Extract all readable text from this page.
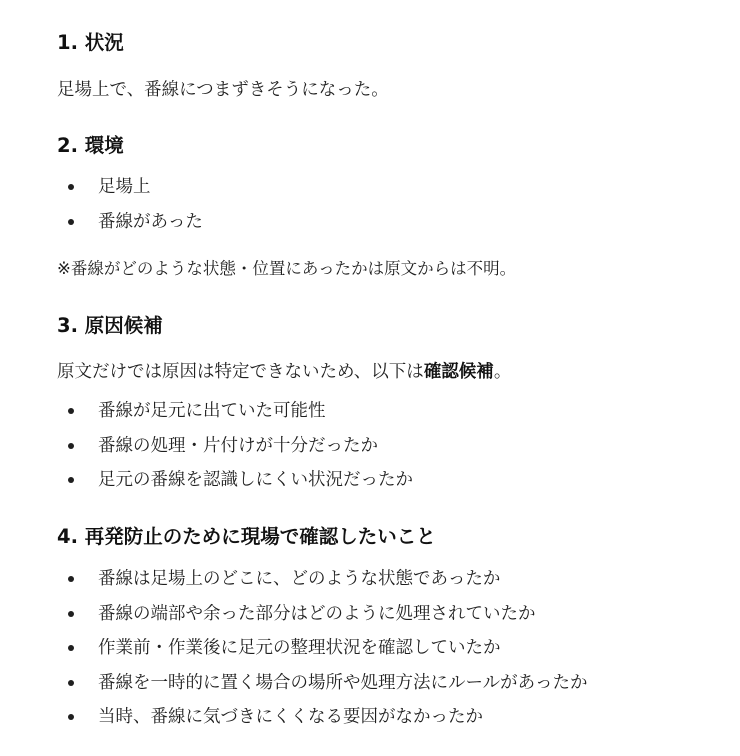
1. 状況

足場上で、番線につまずきそうになった。

2. 環境
足場上
番線があった

※番線がどのような状態・位置にあったかは原文からは不明。

3. 原因候補

原文だけでは原因は特定できないため、以下は確認候補。

番線が足元に出ていた可能性
番線の処理・片付けが十分だったか
足元の番線を認識しにくい状況だったか
4. 再発防止のために現場で確認したいこと
番線は足場上のどこに、どのような状態であったか
番線の端部や余った部分はどのように処理されていたか
作業前・作業後に足元の整理状況を確認していたか
番線を一時的に置く場合の場所や処理方法にルールがあったか
当時、番線に気づきにくくなる要因がなかったか
